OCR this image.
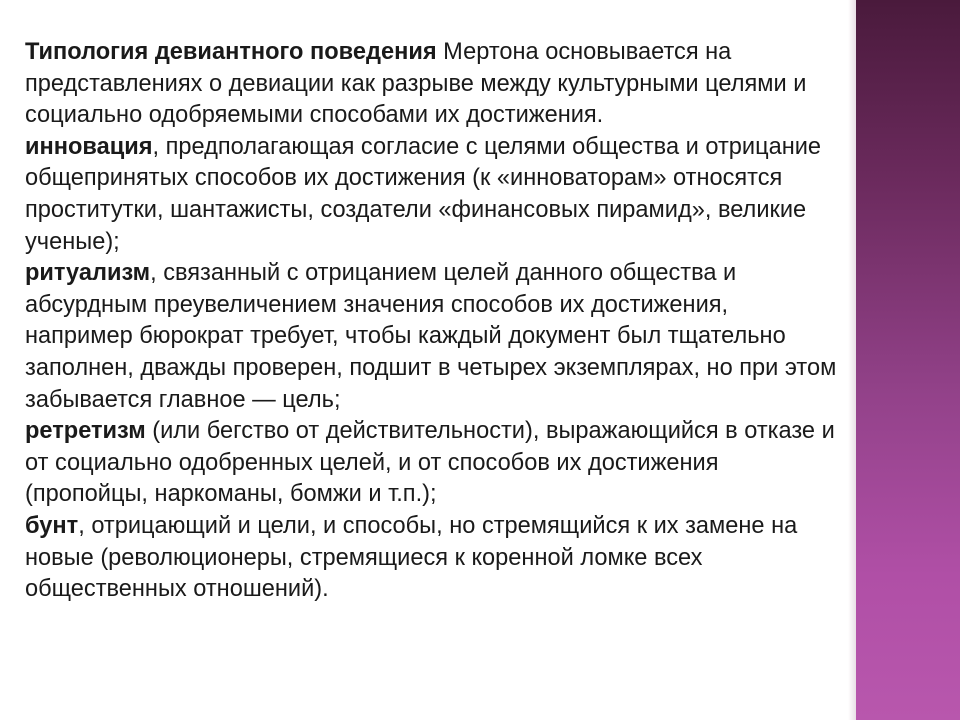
Типология девиантного поведения Мертона основывается на представлениях о девиации как разрыве между культурными целями и социально одобряемыми способами их достижения.

инновация, предполагающая согласие с целями общества и отрицание общепринятых способов их достижения (к «инноваторам» относятся проститутки, шантажисты, создатели «финансовых пирамид», великие ученые);

ритуализм, связанный с отрицанием целей данного общества и абсурдным преувеличением значения способов их достижения, например бюрократ требует, чтобы каждый документ был тщательно заполнен, дважды проверен, подшит в четырех экземплярах, но при этом забывается главное — цель;

ретретизм (или бегство от действительности), выражающийся в отказе и от социально одобренных целей, и от способов их достижения (пропойцы, наркоманы, бомжи и т.п.);

бунт, отрицающий и цели, и способы, но стремящийся к их замене на новые (революционеры, стремящиеся к коренной ломке всех общественных отношений).
